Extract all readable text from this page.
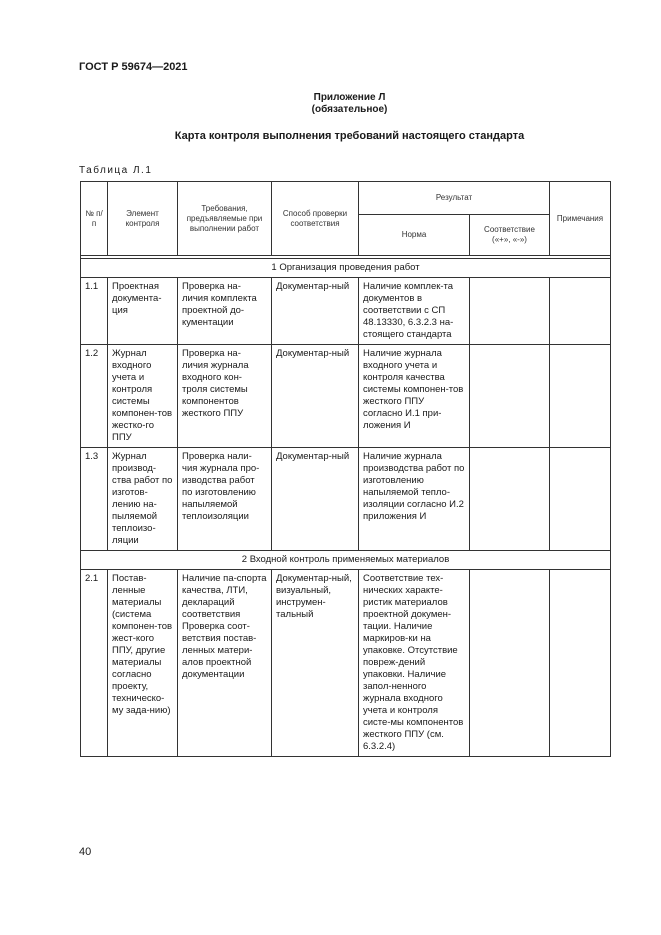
ГОСТ Р 59674—2021
Приложение Л
(обязательное)
Карта контроля выполнения требований настоящего стандарта
Таблица Л.1
№ п/п	Элемент контроля	Требования, предъявляемые при выполнении работ	Способ проверки соответствия	Результат		Примечания
				Норма	Соответствие («+», «-»)	

1 Организация проведения работ						
1.1	Проектная документа-ция	Проверка на-личия комплекта проектной до-кументации	Документар-ный	Наличие комплек-та документов в соответствии с СП 48.13330, 6.3.2.3 на-стоящего стандарта		
1.2	Журнал входного учета и контроля системы компонен-тов жестко-го ППУ	Проверка на-личия журнала входного кон-троля системы компонентов жесткого ППУ	Документар-ный	Наличие журнала входного учета и контроля качества системы компонен-тов жесткого ППУ согласно И.1 при-ложения И		
1.3	Журнал производ-ства работ по изготов-лению на-пыляемой теплоизо-ляции	Проверка нали-чия журнала про-изводства работ по изготовлению напыляемой теплоизоляции	Документар-ный	Наличие журнала производства работ по изготовлению напыляемой тепло-изоляции согласно И.2 приложения И		
2 Входной контроль применяемых материалов						
2.1	Постав-ленные материалы (система компонен-тов жест-кого ППУ, другие материалы согласно проекту, техническо-му зада-нию)	Наличие па-спорта качества, ЛТИ, деклараций соответствия Проверка соот-ветствия постав-ленных матери-алов проектной документации	Документар-ный, визуальный, инструмен-тальный	Соответствие тех-нических характе-ристик материалов проектной докумен-тации. Наличие маркиров-ки на упаковке. Отсутствие повреж-дений упаковки. Наличие запол-ненного журнала входного учета и контроля систе-мы компонентов жесткого ППУ (см. 6.3.2.4)		
40
